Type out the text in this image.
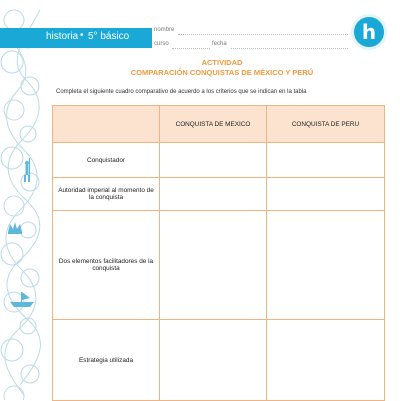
historia • 5° básico
nombre
curso	fecha	h
ACTIVIDAD
COMPARACIÓN CONQUISTAS DE MÉXICO Y PERÚ
Completa el siguiente cuadro comparativo de acuerdo a los criterios que se indican en la tabla
	CONQUISTA DE MEXICO	CONQUISTA DE PERU
Conquistador		
Autoridad imperial al momento de la conquista		
Dos elementos facilitadores de la conquista		
Estrategia utilizada		
